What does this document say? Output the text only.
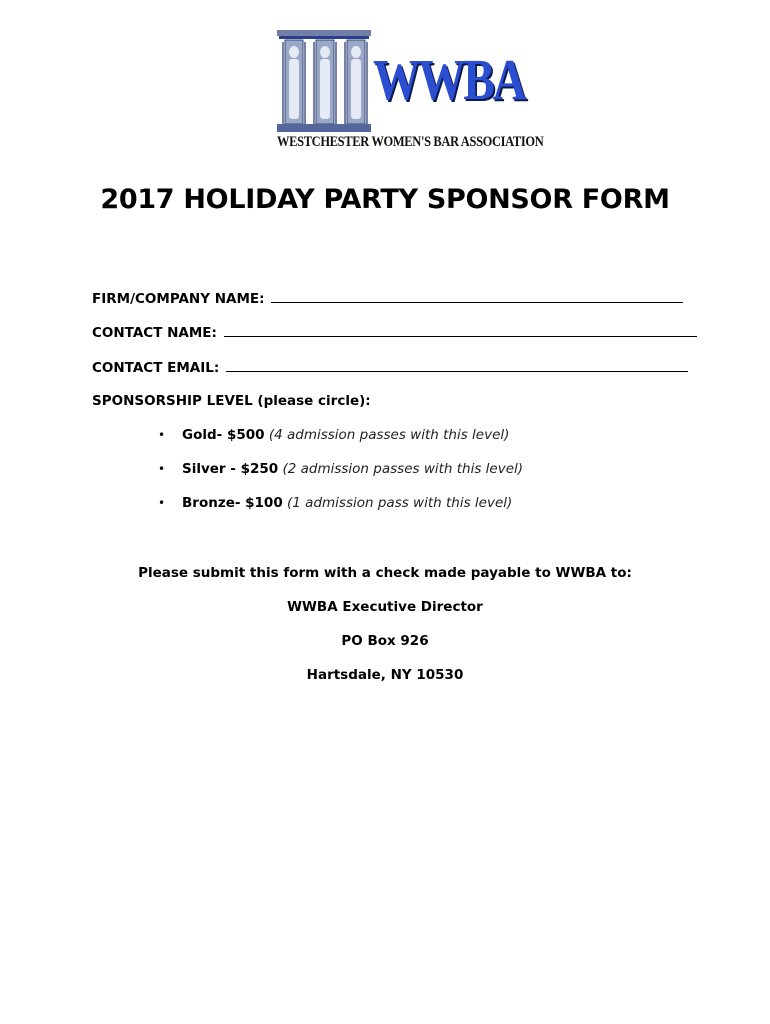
WWBA
WESTCHESTER WOMEN'S BAR ASSOCIATION
2017 HOLIDAY PARTY SPONSOR FORM
FIRM/COMPANY NAME:
CONTACT NAME:
CONTACT EMAIL:
SPONSORSHIP LEVEL (please circle):
• Gold- $500 (4 admission passes with this level)
• Silver - $250 (2 admission passes with this level)
• Bronze- $100 (1 admission pass with this level)
Please submit this form with a check made payable to WWBA to:
WWBA Executive Director
PO Box 926
Hartsdale, NY 10530
